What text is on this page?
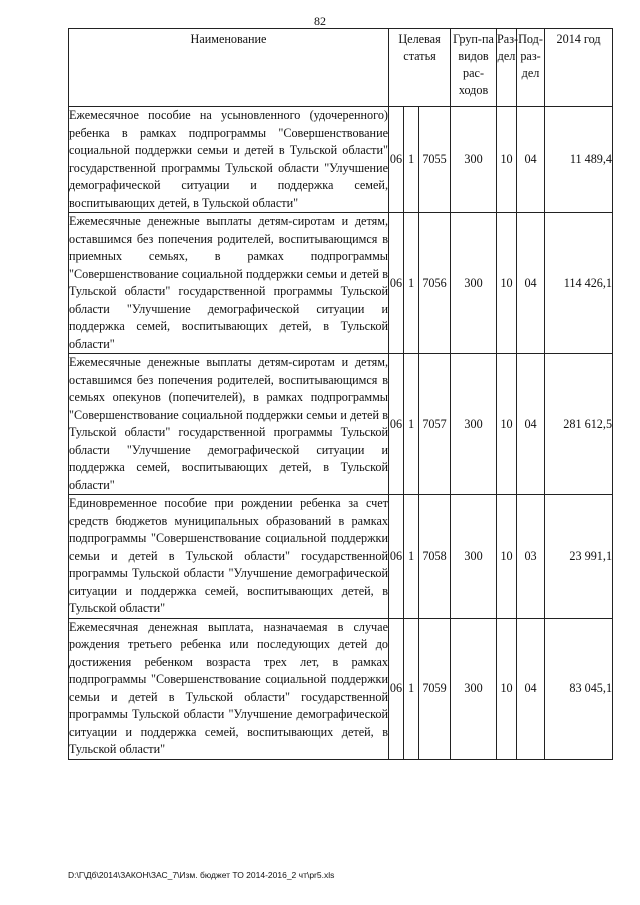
82
Наименование	Целевая статья			Груп-па видов рас-ходов	Раз-дел	Под-раз-дел	2014 год
Ежемесячное пособие на усыновленного (удочеренного) ребенка в рамках подпрограммы "Совершенствование социальной поддержки семьи и детей в Тульской области" государственной программы Тульской области "Улучшение демографической ситуации и поддержка семей, воспитывающих детей, в Тульской области"	06	1	7055	300	10	04	11 489,4
Ежемесячные денежные выплаты детям-сиротам и детям, оставшимся без попечения родителей, воспитывающимся в приемных семьях, в рамках подпрограммы "Совершенствование социальной поддержки семьи и детей в Тульской области" государственной программы Тульской области "Улучшение демографической ситуации и поддержка семей, воспитывающих детей, в Тульской области"	06	1	7056	300	10	04	114 426,1
Ежемесячные денежные выплаты детям-сиротам и детям, оставшимся без попечения родителей, воспитывающимся в семьях опекунов (попечителей), в рамках подпрограммы "Совершенствование социальной поддержки семьи и детей в Тульской области" государственной программы Тульской области "Улучшение демографической ситуации и поддержка семей, воспитывающих детей, в Тульской области"	06	1	7057	300	10	04	281 612,5
Единовременное пособие при рождении ребенка за счет средств бюджетов муниципальных образований в рамках подпрограммы "Совершенствование социальной поддержки семьи и детей в Тульской области" государственной программы Тульской области "Улучшение демографической ситуации и поддержка семей, воспитывающих детей, в Тульской области"	06	1	7058	300	10	03	23 991,1
Ежемесячная денежная выплата, назначаемая в случае рождения третьего ребенка или последующих детей до достижения ребенком возраста трех лет, в рамках подпрограммы "Совершенствование социальной поддержки семьи и детей в Тульской области" государственной программы Тульской области "Улучшение демографической ситуации и поддержка семей, воспитывающих детей, в Тульской области"	06	1	7059	300	10	04	83 045,1
D:\Г\Дб\2014\ЗАКОН\ЗАС_7\Изм. бюджет ТО 2014-2016_2 чт\pr5.xls
